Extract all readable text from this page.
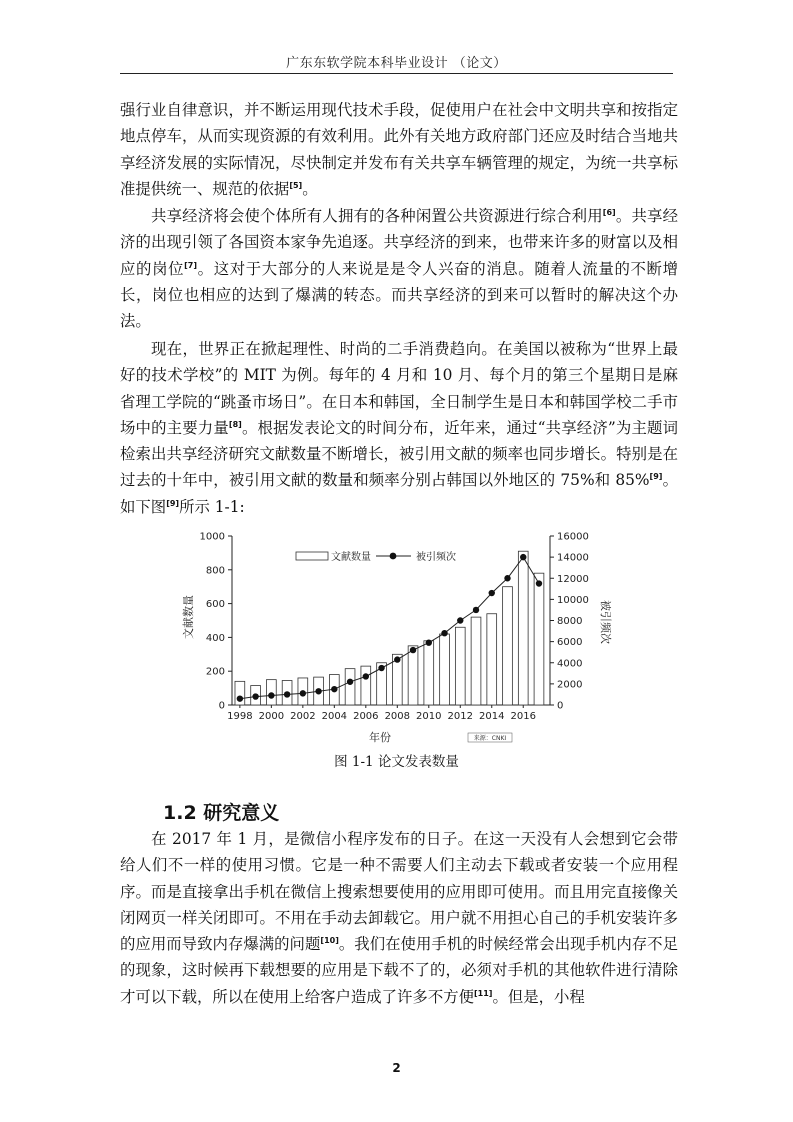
广东东软学院本科毕业设计 （论文）
强行业自律意识，并不断运用现代技术手段，促使用户在社会中文明共享和按指定地点停车，从而实现资源的有效利用。此外有关地方政府部门还应及时结合当地共享经济发展的实际情况，尽快制定并发布有关共享车辆管理的规定，为统一共享标准提供统一、规范的依据[5]。
共享经济将会使个体所有人拥有的各种闲置公共资源进行综合利用[6]。共享经济的出现引领了各国资本家争先追逐。共享经济的到来，也带来许多的财富以及相应的岗位[7]。这对于大部分的人来说是是令人兴奋的消息。随着人流量的不断增长，岗位也相应的达到了爆满的转态。而共享经济的到来可以暂时的解决这个办法。
现在，世界正在掀起理性、时尚的二手消费趋向。在美国以被称为“世界上最好的技术学校”的 MIT 为例。每年的 4 月和 10 月、每个月的第三个星期日是麻省理工学院的“跳蚤市场日”。在日本和韩国，全日制学生是日本和韩国学校二手市场中的主要力量[8]。根据发表论文的时间分布，近年来，通过“共享经济”为主题词检索出共享经济研究文献数量不断增长，被引用文献的频率也同步增长。特别是在过去的十年中，被引用文献的数量和频率分别占韩国以外地区的 75%和 85%[9]。如下图[9]所示 1-1:
0
200
400
600
800
1000
0
2000
4000
6000
8000
10000
12000
14000
16000
1998 2000 2002 2004 2006 2008 2010 2012 2014 2016
文献数量	被引频次
文献数量	被引频次
年份	来源：CNKI
图 1-1 论文发表数量
1.2 研究意义
在 2017 年 1 月，是微信小程序发布的日子。在这一天没有人会想到它会带给人们不一样的使用习惯。它是一种不需要人们主动去下载或者安装一个应用程序。而是直接拿出手机在微信上搜索想要使用的应用即可使用。而且用完直接像关闭网页一样关闭即可。不用在手动去卸载它。用户就不用担心自己的手机安装许多的应用而导致内存爆满的问题[10]。我们在使用手机的时候经常会出现手机内存不足的现象，这时候再下载想要的应用是下载不了的，必须对手机的其他软件进行清除才可以下载，所以在使用上给客户造成了许多不方便[11]。但是，小程
2
